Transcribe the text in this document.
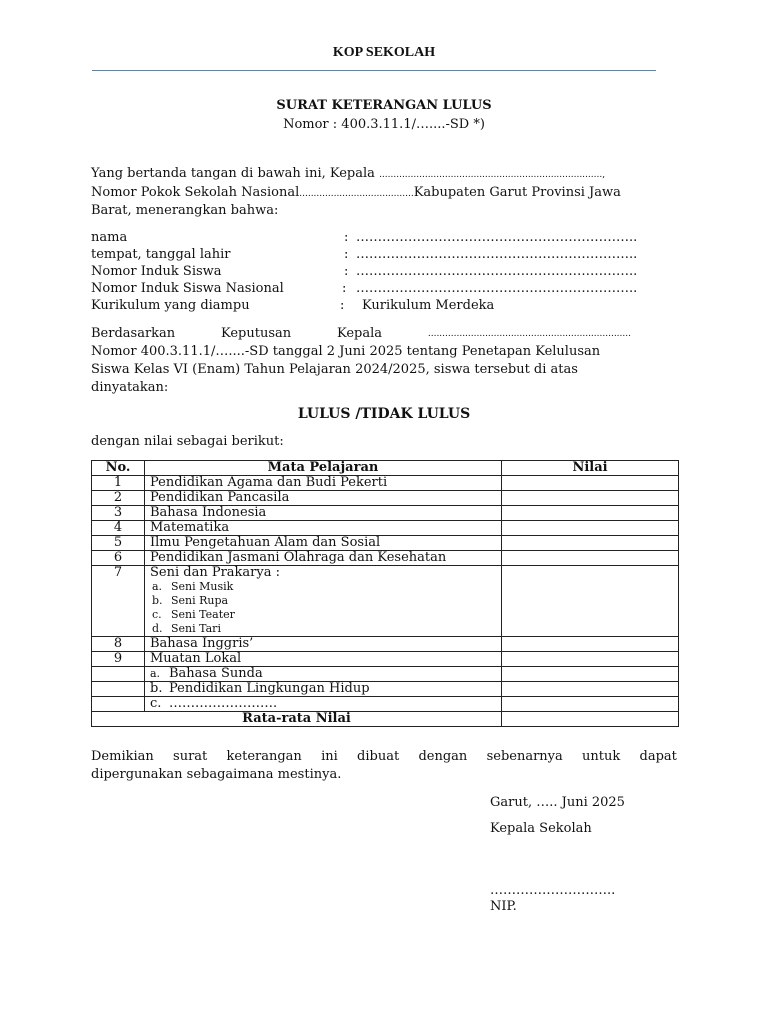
KOP SEKOLAH
SURAT KETERANGAN LULUS
Nomor : 400.3.11.1/…....-SD *)
Yang bertanda tangan di bawah ini, Kepala ..............................................................................,
Nomor Pokok Sekolah Nasional........................................Kabupaten Garut Provinsi Jawa
Barat, menerangkan bahwa:
nama	: ………………………………………………………..
tempat, tanggal lahir	: ………………………………………………………..
Nomor Induk Siswa	: ………………………………………………………..
Nomor Induk Siswa Nasional	: ………………………………………………………..
Kurikulum yang diampu	: Kurikulum Merdeka
Berdasarkan	Keputusan	Kepala	.......................................................................
Nomor 400.3.11.1/…....-SD tanggal 2 Juni 2025 tentang Penetapan Kelulusan
Siswa Kelas VI (Enam) Tahun Pelajaran 2024/2025, siswa tersebut di atas
dinyatakan:
LULUS /TIDAK LULUS
dengan nilai sebagai berikut:
No.	Mata Pelajaran	Nilai
1	Pendidikan Agama dan Budi Pekerti	
2	Pendidikan Pancasila	
3	Bahasa Indonesia	
4	Matematika	
5	Ilmu Pengetahuan Alam dan Sosial	
6	Pendidikan Jasmani Olahraga dan Kesehatan	
7	Seni dan Prakarya :
a. Seni Musik
b. Seni Rupa
c. Seni Teater
d. Seni Tari	

8	Bahasa Inggris’	
9	Muatan Lokal	
	a. Bahasa Sunda	
	b. Pendidikan Lingkungan Hidup	
	c. …………………….	
Rata-rata Nilai		
Demikian surat keterangan ini dibuat dengan sebenarnya untuk dapat
dipergunakan sebagaimana mestinya.
Garut, ….. Juni 2025
Kepala Sekolah
………………………..
NIP.
